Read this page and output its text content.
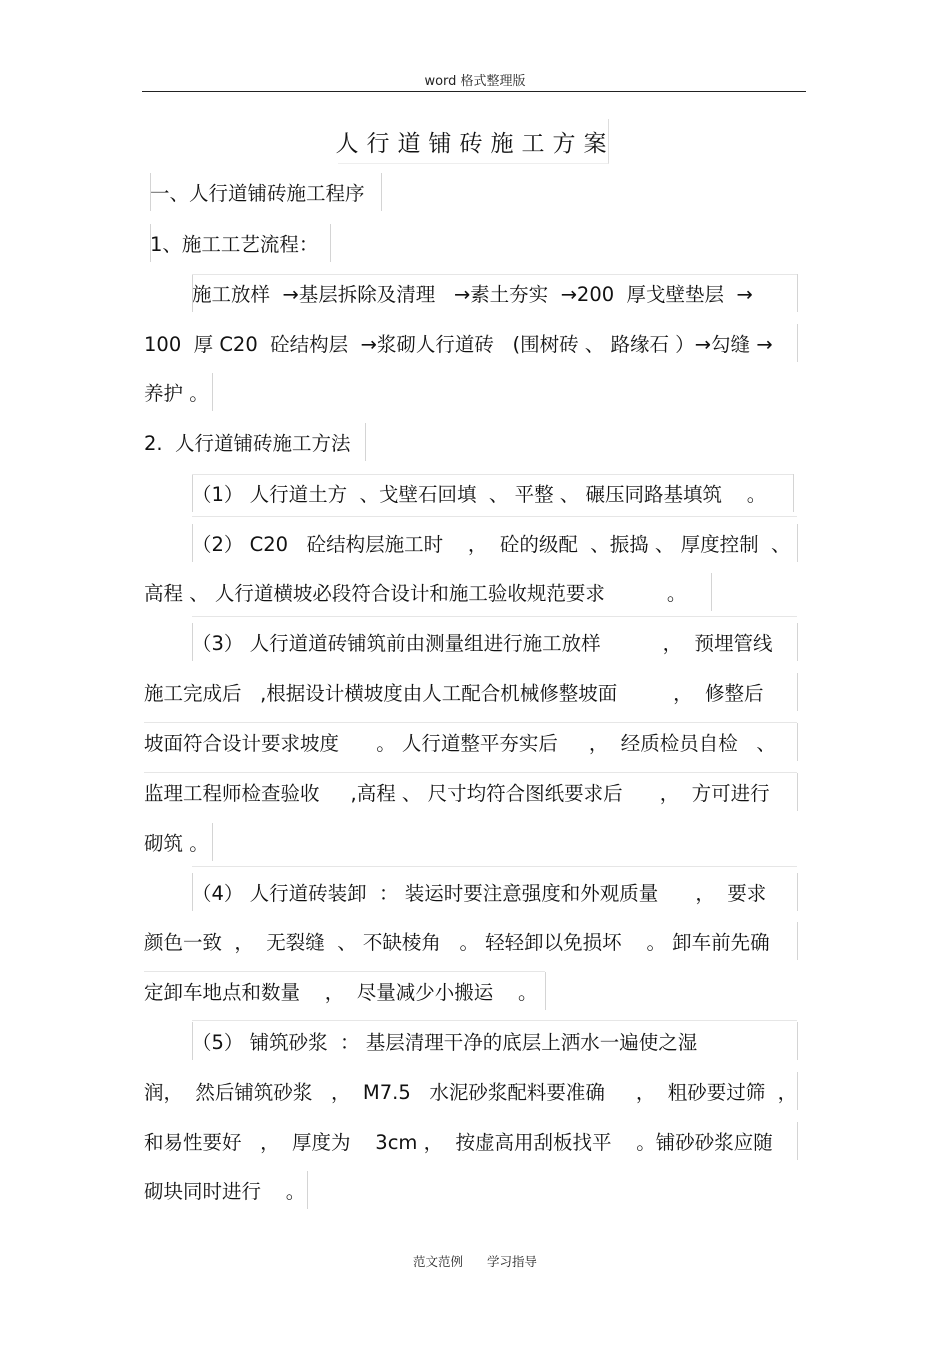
word 格式整理版
人行道铺砖施工方案
一、人行道铺砖施工程序
1、施工工艺流程：
施工放样  →基层拆除及清理   →素土夯实  →200  厚戈壁垫层  →
100  厚 C20  砼结构层  →浆砌人行道砖   (围树砖 、 路缘石 ）→勾缝 →
养护 。
2.  人行道铺砖施工方法
（1） 人行道土方  、戈壁石回填  、 平整 、 碾压同路基填筑    。
（2） C20   砼结构层施工时    ，  砼的级配  、振捣 、 厚度控制  、
高程 、 人行道横坡必段符合设计和施工验收规范要求          。
（3） 人行道道砖铺筑前由测量组进行施工放样          ，  预埋管线
施工完成后   ,根据设计横坡度由人工配合机械修整坡面         ，  修整后
坡面符合设计要求坡度      。 人行道整平夯实后     ，  经质检员自检   、
监理工程师检查验收     ,高程 、 尺寸均符合图纸要求后      ，  方可进行
砌筑 。
（4） 人行道砖装卸  ： 装运时要注意强度和外观质量      ，  要求
颜色一致  ，  无裂缝  、 不缺棱角   。 轻轻卸以免损坏    。 卸车前先确
定卸车地点和数量    ，  尽量减少小搬运    。
（5） 铺筑砂浆  ： 基层清理干净的底层上洒水一遍使之湿
润，  然后铺筑砂浆   ，  M7.5   水泥砂浆配料要准确     ，  粗砂要过筛  ，
和易性要好   ，  厚度为    3cm ，  按虚高用刮板找平    。铺砂砂浆应随
砌块同时进行    。
范文范例 学习指导
